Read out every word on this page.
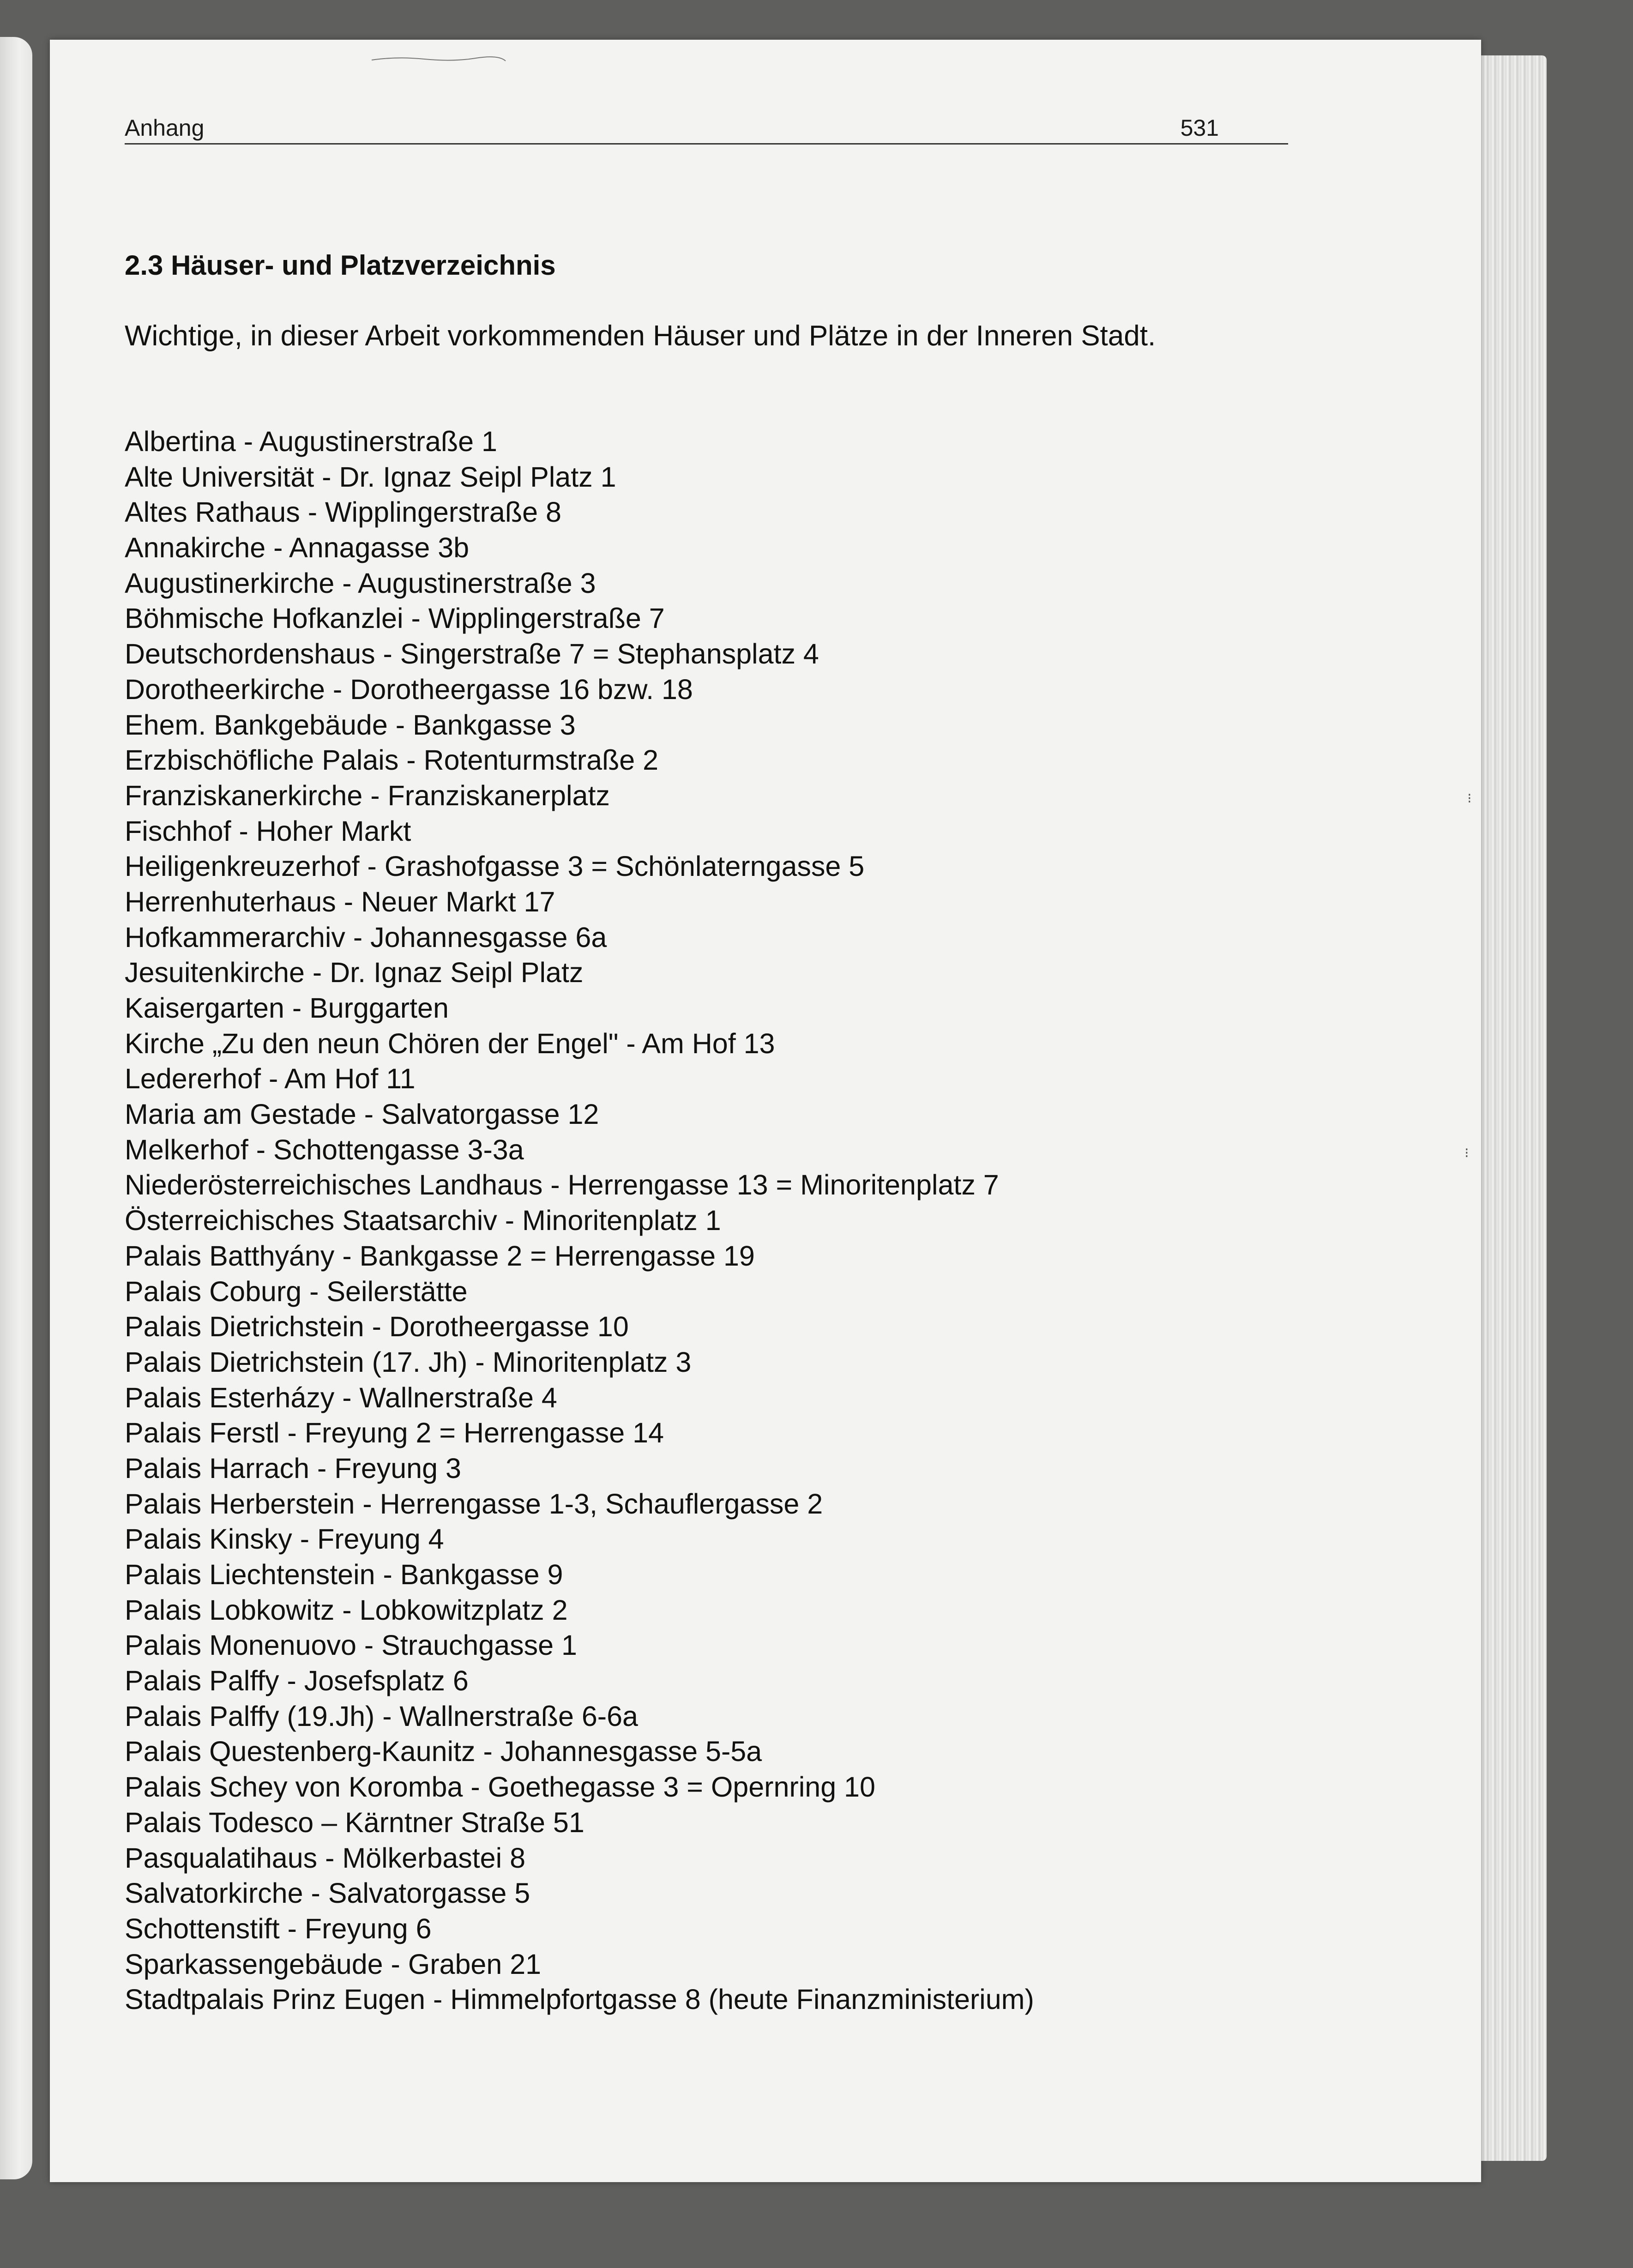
Anhang	531
2.3 Häuser- und Platzverzeichnis
Wichtige, in dieser Arbeit vorkommenden Häuser und Plätze in der Inneren Stadt.
Albertina - Augustinerstraße 1
Alte Universität - Dr. Ignaz Seipl Platz 1
Altes Rathaus - Wipplingerstraße 8
Annakirche - Annagasse 3b
Augustinerkirche - Augustinerstraße 3
Böhmische Hofkanzlei - Wipplingerstraße 7
Deutschordenshaus - Singerstraße 7 = Stephansplatz 4
Dorotheerkirche - Dorotheergasse 16 bzw. 18
Ehem. Bankgebäude - Bankgasse 3
Erzbischöfliche Palais - Rotenturmstraße 2
Franziskanerkirche - Franziskanerplatz
Fischhof - Hoher Markt
Heiligenkreuzerhof - Grashofgasse 3 = Schönlaterngasse 5
Herrenhuterhaus - Neuer Markt 17
Hofkammerarchiv - Johannesgasse 6a
Jesuitenkirche - Dr. Ignaz Seipl Platz
Kaisergarten - Burggarten
Kirche „Zu den neun Chören der Engel" - Am Hof 13
Ledererhof - Am Hof 11
Maria am Gestade - Salvatorgasse 12
Melkerhof - Schottengasse 3-3a
Niederösterreichisches Landhaus - Herrengasse 13 = Minoritenplatz 7
Österreichisches Staatsarchiv - Minoritenplatz 1
Palais Batthyány - Bankgasse 2 = Herrengasse 19
Palais Coburg - Seilerstätte
Palais Dietrichstein - Dorotheergasse 10
Palais Dietrichstein (17. Jh) - Minoritenplatz 3
Palais Esterházy - Wallnerstraße 4
Palais Ferstl - Freyung 2 = Herrengasse 14
Palais Harrach - Freyung 3
Palais Herberstein - Herrengasse 1-3, Schauflergasse 2
Palais Kinsky - Freyung 4
Palais Liechtenstein - Bankgasse 9
Palais Lobkowitz - Lobkowitzplatz 2
Palais Monenuovo - Strauchgasse 1
Palais Palffy - Josefsplatz 6
Palais Palffy (19.Jh) - Wallnerstraße 6-6a
Palais Questenberg-Kaunitz - Johannesgasse 5-5a
Palais Schey von Koromba - Goethegasse 3 = Opernring 10
Palais Todesco – Kärntner Straße 51
Pasqualatihaus - Mölkerbastei 8
Salvatorkirche - Salvatorgasse 5
Schottenstift - Freyung 6
Sparkassengebäude - Graben 21
Stadtpalais Prinz Eugen - Himmelpfortgasse 8 (heute Finanzministerium)
⁝
⁝
